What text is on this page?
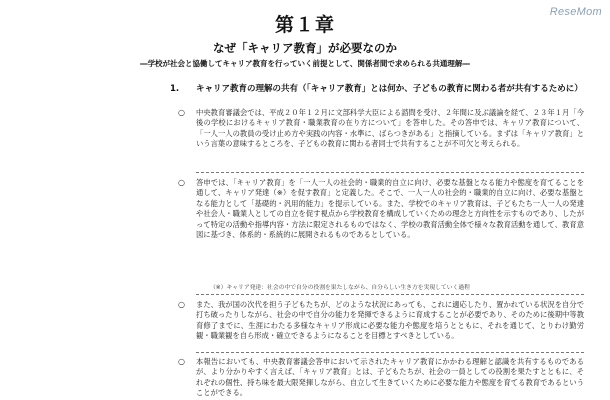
ReseMom
第１章
なぜ「キャリア教育」が必要なのか
―学校が社会と協働してキャリア教育を行っていく前提として、関係者間で求められる共通理解―
1. キャリア教育の理解の共有（「キャリア教育」とは何か、子どもの教育に関わる者が共有するために）
○ 中央教育審議会では、平成２０年１２月に文部科学大臣による諮問を受け、２年間に及ぶ議論を経て、２３年１月「今後の学校におけるキャリア教育・職業教育の在り方について」を答申した。その答申では、キャリア教育について、「一人一人の教員の受け止め方や実践の内容・水準に、ばらつきがある」と指摘している。まずは「キャリア教育」という言葉の意味するところを、子どもの教育に関わる者同士で共有することが不可欠と考えられる。
○ 答申では、「キャリア教育」を「一人一人の社会的・職業的自立に向け、必要な基盤となる能力や態度を育てることを通して、キャリア発達（※）を促す教育」と定義した。そこで、一人一人の社会的・職業的自立に向け、必要な基盤となる能力として「基礎的・汎用的能力」を提示している。また、学校でのキャリア教育は、子どもたち一人一人の発達や社会人・職業人としての自立を促す視点から学校教育を構成していくための理念と方向性を示すものであり、したがって特定の活動や指導内容・方法に限定されるものではなく、学校の教育活動全体で様々な教育活動を通して、教育意図に基づき、体系的・系統的に展開されるものであるとしている。
（※）キャリア発達：社会の中で自分の役割を果たしながら、自分らしい生き方を実現していく過程
○ また、我が国の次代を担う子どもたちが、どのような状況にあっても、これに適応したり、置かれている状況を自分で打ち破ったりしながら、社会の中で自分の能力を発揮できるように育成することが必要であり、そのために後期中等教育修了までに、生涯にわたる多様なキャリア形成に必要な能力や態度を培うとともに、それを通じて、とりわけ勤労観・職業観を自ら形成・確立できるようになることを目標とすべきとしている。
○ 本報告においても、中央教育審議会答申において示されたキャリア教育にかかわる理解と認識を共有するものであるが、より分かりやすく言えば、「キャリア教育」とは、子どもたちが、社会の一員としての役割を果たすとともに、それぞれの個性、持ち味を最大限発揮しながら、自立して生きていくために必要な能力や態度を育てる教育であるということができる。
